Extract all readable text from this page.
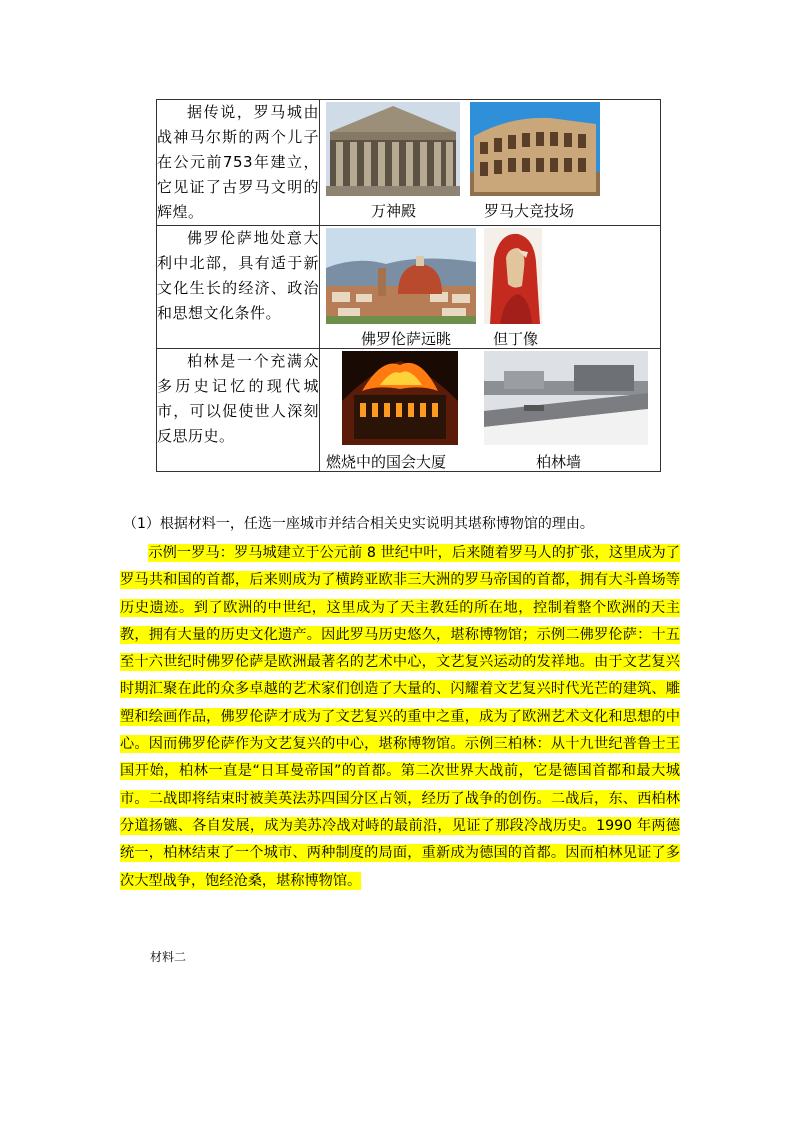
据传说，罗马城由战神马尔斯的两个儿子在公元前753年建立，它见证了古罗马文明的辉煌。	万神殿 罗马大竞技场

佛罗伦萨地处意大利中北部，具有适于新文化生长的经济、政治和思想文化条件。	佛罗伦萨远眺 但丁像

柏林是一个充满众多历史记忆的现代城市，可以促使世人深刻反思历史。	燃烧中的国会大厦 柏林墙
（1）根据材料一，任选一座城市并结合相关史实说明其堪称博物馆的理由。

示例一罗马：罗马城建立于公元前 8 世纪中叶，后来随着罗马人的扩张，这里成为了罗马共和国的首都，后来则成为了横跨亚欧非三大洲的罗马帝国的首都，拥有大斗兽场等历史遗迹。到了欧洲的中世纪，这里成为了天主教廷的所在地，控制着整个欧洲的天主教，拥有大量的历史文化遗产。因此罗马历史悠久，堪称博物馆；示例二佛罗伦萨：十五至十六世纪时佛罗伦萨是欧洲最著名的艺术中心，文艺复兴运动的发祥地。由于文艺复兴时期汇聚在此的众多卓越的艺术家们创造了大量的、闪耀着文艺复兴时代光芒的建筑、雕塑和绘画作品，佛罗伦萨才成为了文艺复兴的重中之重，成为了欧洲艺术文化和思想的中心。因而佛罗伦萨作为文艺复兴的中心，堪称博物馆。示例三柏林：从十九世纪普鲁士王国开始，柏林一直是“日耳曼帝国”的首都。第二次世界大战前，它是德国首都和最大城市。二战即将结束时被美英法苏四国分区占领，经历了战争的创伤。二战后，东、西柏林分道扬镳、各自发展，成为美苏冷战对峙的最前沿，见证了那段冷战历史。1990 年两德统一，柏林结束了一个城市、两种制度的局面，重新成为德国的首都。因而柏林见证了多次大型战争，饱经沧桑，堪称博物馆。

材料二
